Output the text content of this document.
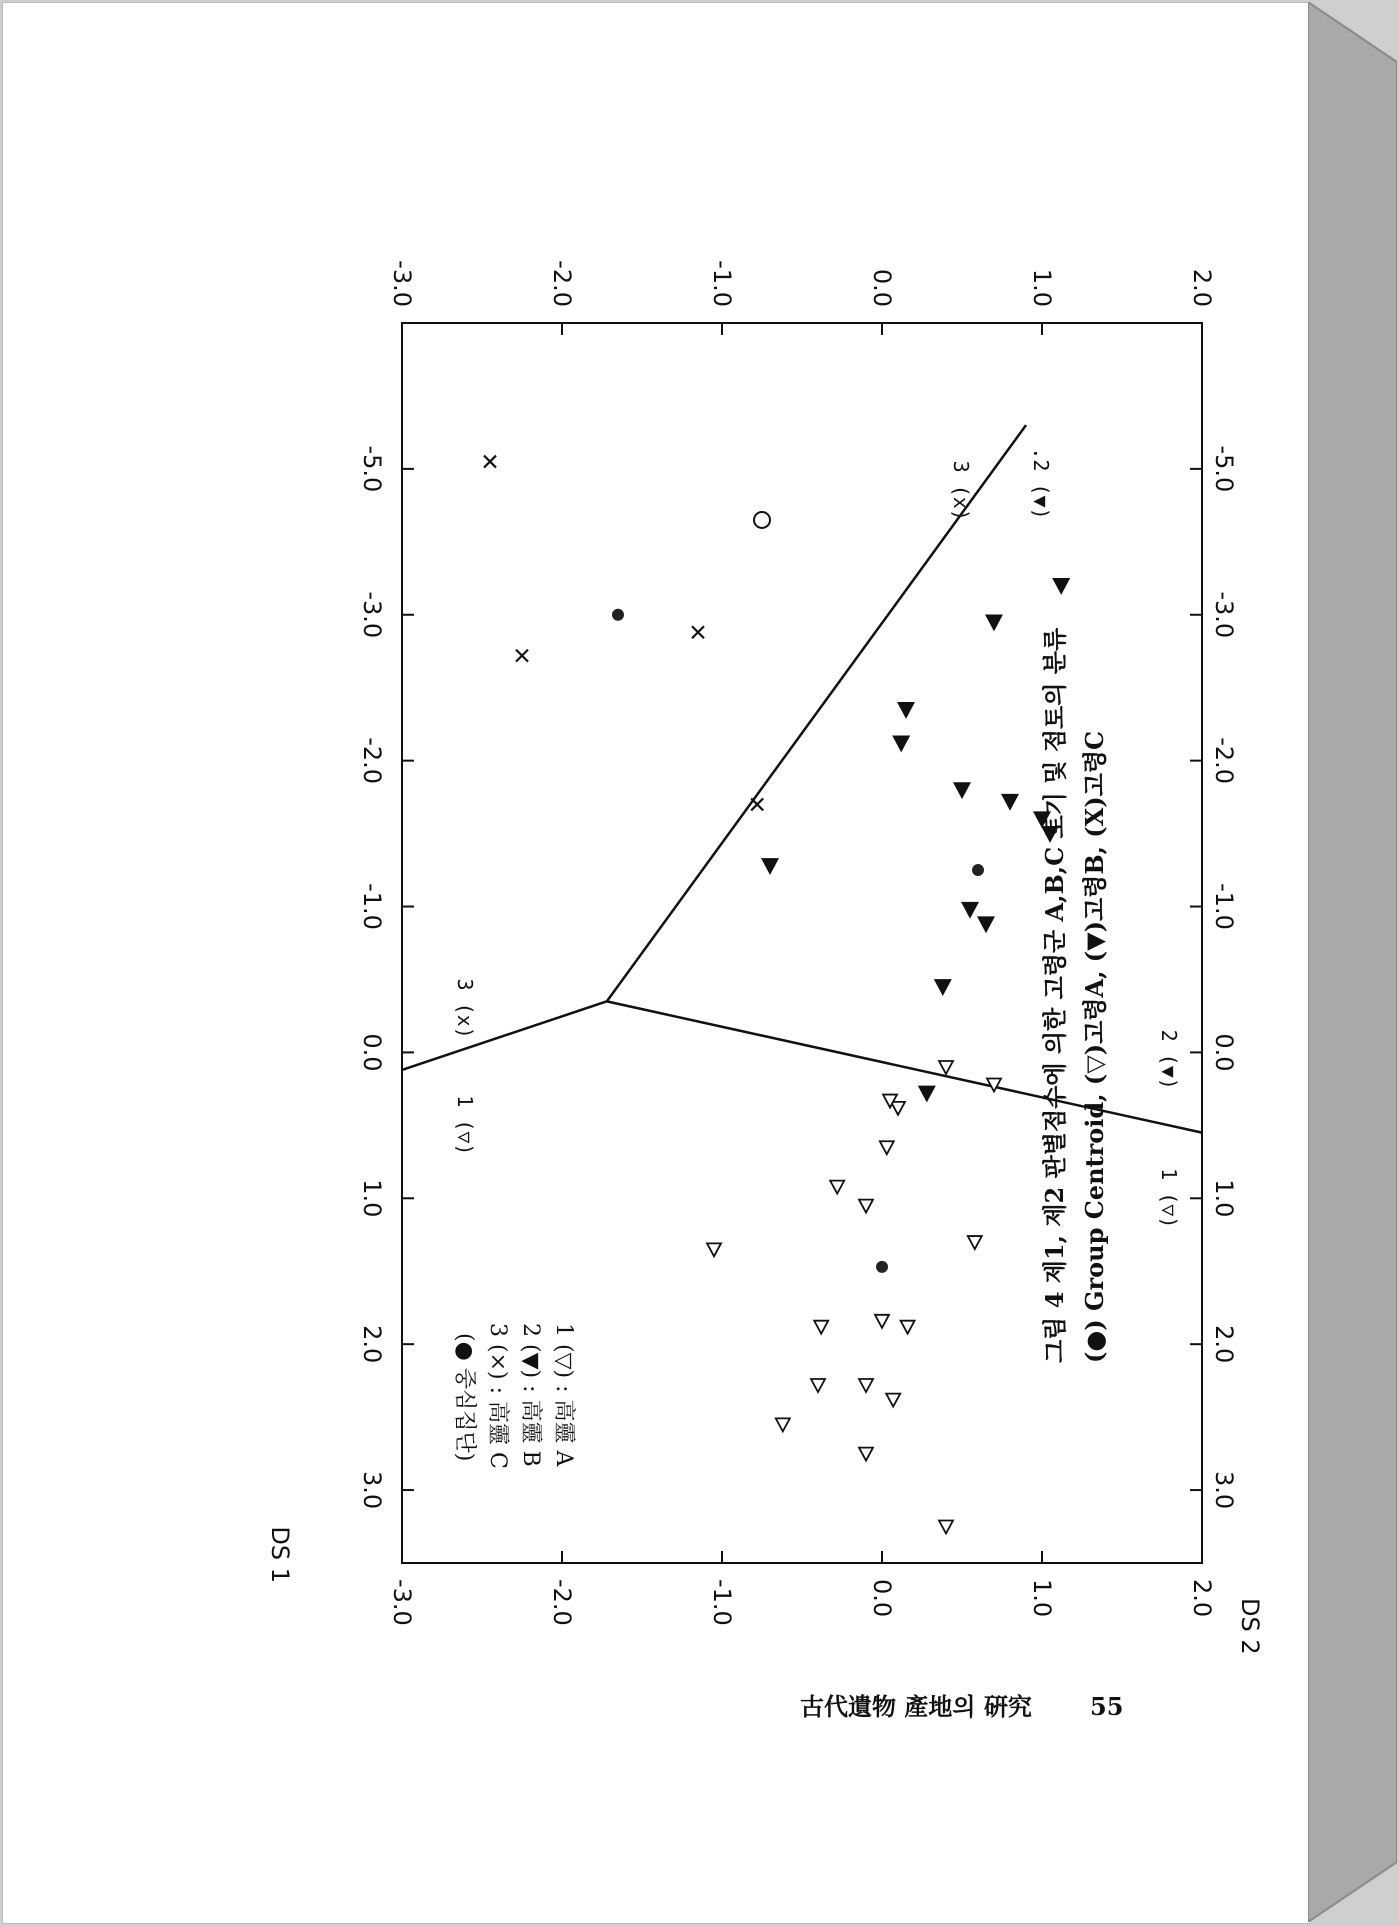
-5.0	-5.0
-3.0	-3.0
-2.0	-2.0
-1.0	-1.0
0.0	0.0
1.0	1.0
2.0	2.0
3.0	3.0
2.0
2.0
1.0
1.0
0.0
0.0
-1.0
-1.0
-2.0
-2.0
-3.0
-3.0
DS 1
DS 2
1 (▽)
2 (▼)
.2 (▼)
3 (x)
1 (▽)
3 (x)
1 (▽) : 高靈 A
2 (▼) : 高靈 B
3 (×) : 高靈 C
(● 중심집단)
그림 4 제1, 제2 판별점수에 의한 고령군 A,B,C 토기 및 점토의 분류 (●) Group Centroid, (▽)고령A, (▼)고령B, (X)고령C
古代遺物 產地의 硏究 55
